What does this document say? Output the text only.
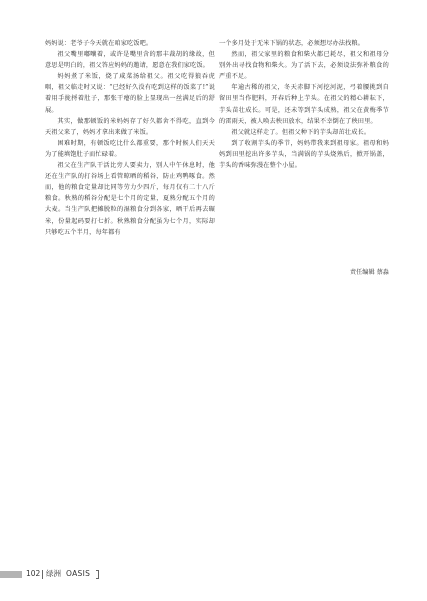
妈妈说：老爷子今天就在咱家吃饭吧。

祖父嘴里嘟囔着，或许是嘴里含的那丰裁胡的缘故，但意思是明白的，祖父答应妈妈的邀请，愿意在我们家吃饭。

妈妈煮了米饭，烧了咸菜汤给祖父。祖父吃得狼吞虎咽，祖父临走时又说：“已经好久没有吃到这样的饭菜了!”说着用手拢捋着肚子，那张干瘪的脸上显现出一丝满足后的舒展。

其实，做那顿饭的米妈妈存了好久都舍不得吃，直到今天祖父来了，妈妈才拿出来做了米饭。

困难时期，有顿饭吃比什么都重要，那个时候人们天天为了能填饱肚子而忙碌着。

祖父在生产队干活比旁人要卖力，别人中午休息时，他还在生产队的打谷场上看管晾晒的稻谷，防止鸡鸭啄食。然而，他的粮食定量却比同等劳力少四斤，每月仅有二十八斤粮食。秋熟的稻谷分配是七个月的定量，夏熟分配五个月的大麦。当生产队把摊脱粒的湿粮食分到各家，晒干后再去碾米，份量起码要打七折。秋熟粮食分配虽为七个月，实际却只够吃五个半月，每年都有

一个多月处于无米下锅的状态，必须想尽办法找粮。

然而，祖父家里的粮食和柴火都已耗尽，祖父和祖母分别外出寻找食物和柴火。为了活下去，必须设法弥补粮食的严重不足。

年逾古稀的祖父，冬天赤脚下河挖河泥，弓着腰挑到自留田里当作肥料，开春后种上芋头。在祖父的精心耕耘下，芋头苗壮成长。可是，还未等到芋头成熟，祖父在黄梅季节的雷雨天，被人唤去秧田放水，结果不幸倒在了秧田里。

祖父就这样走了。但祖父种下的芋头却茁壮成长。

到了收割芋头的季节，妈妈带我来到祖母家。祖母和妈妈到田里挖出许多芋头，当满锅的芋头烧熟后，掀开锅盖，芋头的香味弥漫在整个小屋。

责任编辑 蔡淼
102 绿洲 OASIS
